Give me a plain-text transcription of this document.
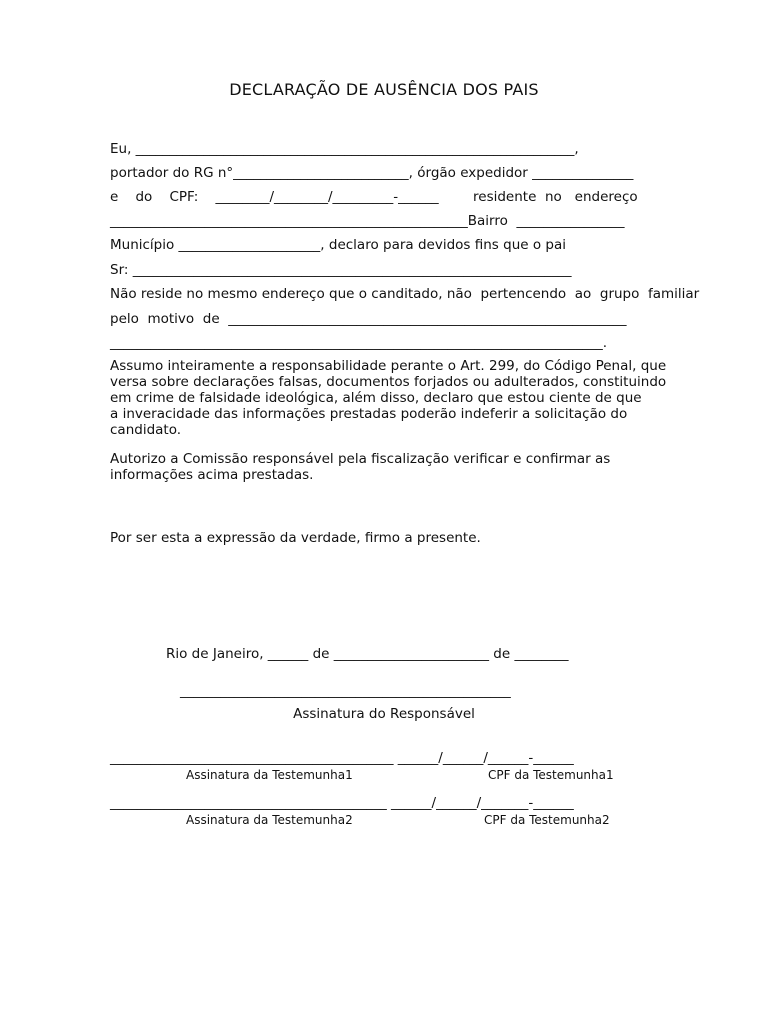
DECLARAÇÃO DE AUSÊNCIA DOS PAIS
Eu, _________________________________________________________________,
portador do RG n°__________________________, órgão expedidor _______________
e    do    CPF:    ________/________/_________-______        residente  no   endereço
_____________________________________________________Bairro  ________________
Município _____________________, declaro para devidos fins que o pai
Sr: _________________________________________________________________
Não reside no mesmo endereço que o canditado, não  pertencendo  ao  grupo  familiar
pelo  motivo  de  ___________________________________________________________
_________________________________________________________________________.
Assumo inteiramente a responsabilidade perante o Art. 299, do Código Penal, que
versa sobre declarações falsas, documentos forjados ou adulterados, constituindo
em crime de falsidade ideológica, além disso, declaro que estou ciente de que
a inveracidade das informações prestadas poderão indeferir a solicitação do
candidato.
Autorizo a Comissão responsável pela fiscalização verificar e confirmar as
informações acima prestadas.
Por ser esta a expressão da verdade, firmo a presente.
Rio de Janeiro, ______ de _______________________ de ________
_________________________________________________
Assinatura do Responsável
__________________________________________ ______/______/______-______
Assinatura da Testemunha1	CPF da Testemunha1
_________________________________________ ______/______/_______-______
Assinatura da Testemunha2	CPF da Testemunha2
